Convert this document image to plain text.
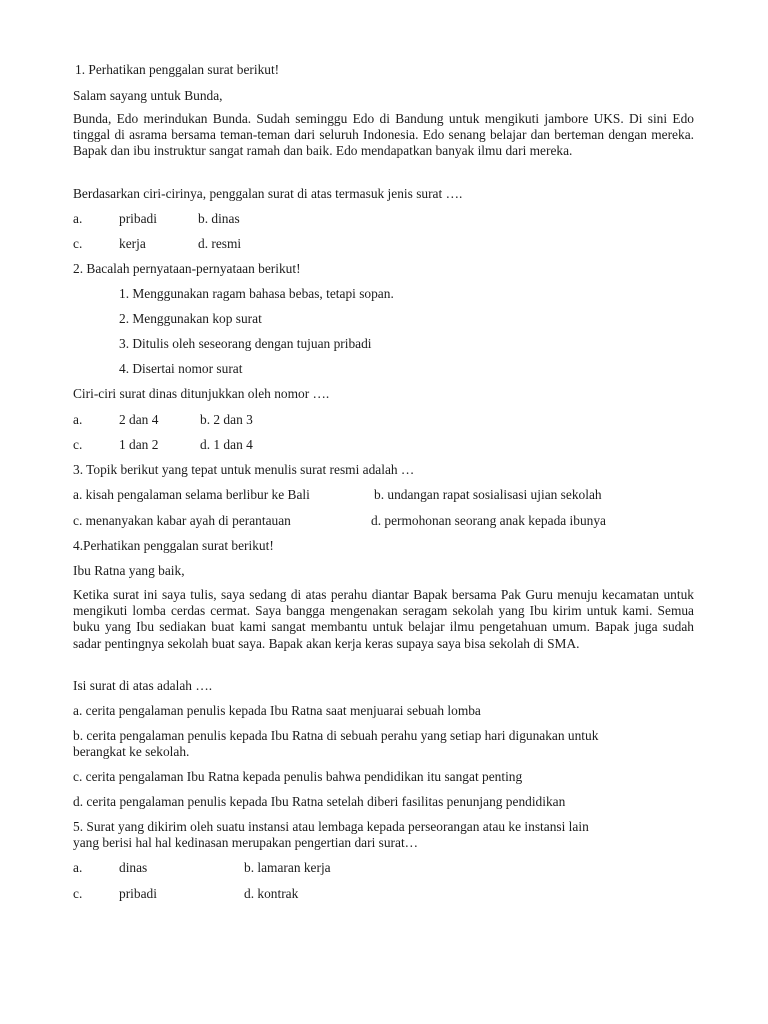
1. Perhatikan penggalan surat berikut!
Salam sayang untuk Bunda,
Bunda, Edo merindukan Bunda. Sudah seminggu Edo di Bandung untuk mengikuti jambore UKS. Di sini Edo tinggal di asrama bersama teman-teman dari seluruh Indonesia. Edo senang belajar dan berteman dengan mereka. Bapak dan ibu instruktur sangat ramah dan baik. Edo mendapatkan banyak ilmu dari mereka.
Berdasarkan ciri-cirinya, penggalan surat di atas termasuk jenis surat ….
a.	pribadi	b. dinas
c.	kerja	d. resmi
2. Bacalah pernyataan-pernyataan berikut!
1. Menggunakan ragam bahasa bebas, tetapi sopan.
2. Menggunakan kop surat
3. Ditulis oleh seseorang dengan tujuan pribadi
4. Disertai nomor surat
Ciri-ciri surat dinas ditunjukkan oleh nomor ….
a.	2 dan 4	b. 2 dan 3
c.	1 dan 2	d. 1 dan 4
3. Topik berikut yang tepat untuk menulis surat resmi adalah …
a. kisah pengalaman selama berlibur ke Bali	b. undangan rapat sosialisasi ujian sekolah
c. menanyakan kabar ayah di perantauan	d. permohonan seorang anak kepada ibunya
4.Perhatikan penggalan surat berikut!
Ibu Ratna yang baik,
Ketika surat ini saya tulis, saya sedang di atas perahu diantar Bapak bersama Pak Guru menuju kecamatan untuk mengikuti lomba cerdas cermat. Saya bangga mengenakan seragam sekolah yang Ibu kirim untuk kami. Semua buku yang Ibu sediakan buat kami sangat membantu untuk belajar ilmu pengetahuan umum. Bapak juga sudah sadar pentingnya sekolah buat saya. Bapak akan kerja keras supaya saya bisa sekolah di SMA.
Isi surat di atas adalah ….
a. cerita pengalaman penulis kepada Ibu Ratna saat menjuarai sebuah lomba
b. cerita pengalaman penulis kepada Ibu Ratna di sebuah perahu yang setiap hari digunakan untuk
berangkat ke sekolah.
c. cerita pengalaman Ibu Ratna kepada penulis bahwa pendidikan itu sangat penting
d. cerita pengalaman penulis kepada Ibu Ratna setelah diberi fasilitas penunjang pendidikan
5. Surat yang dikirim oleh suatu instansi atau lembaga kepada perseorangan atau ke instansi lain
yang berisi hal hal kedinasan merupakan pengertian dari surat…
a.	dinas	b. lamaran kerja
c.	pribadi	d. kontrak
